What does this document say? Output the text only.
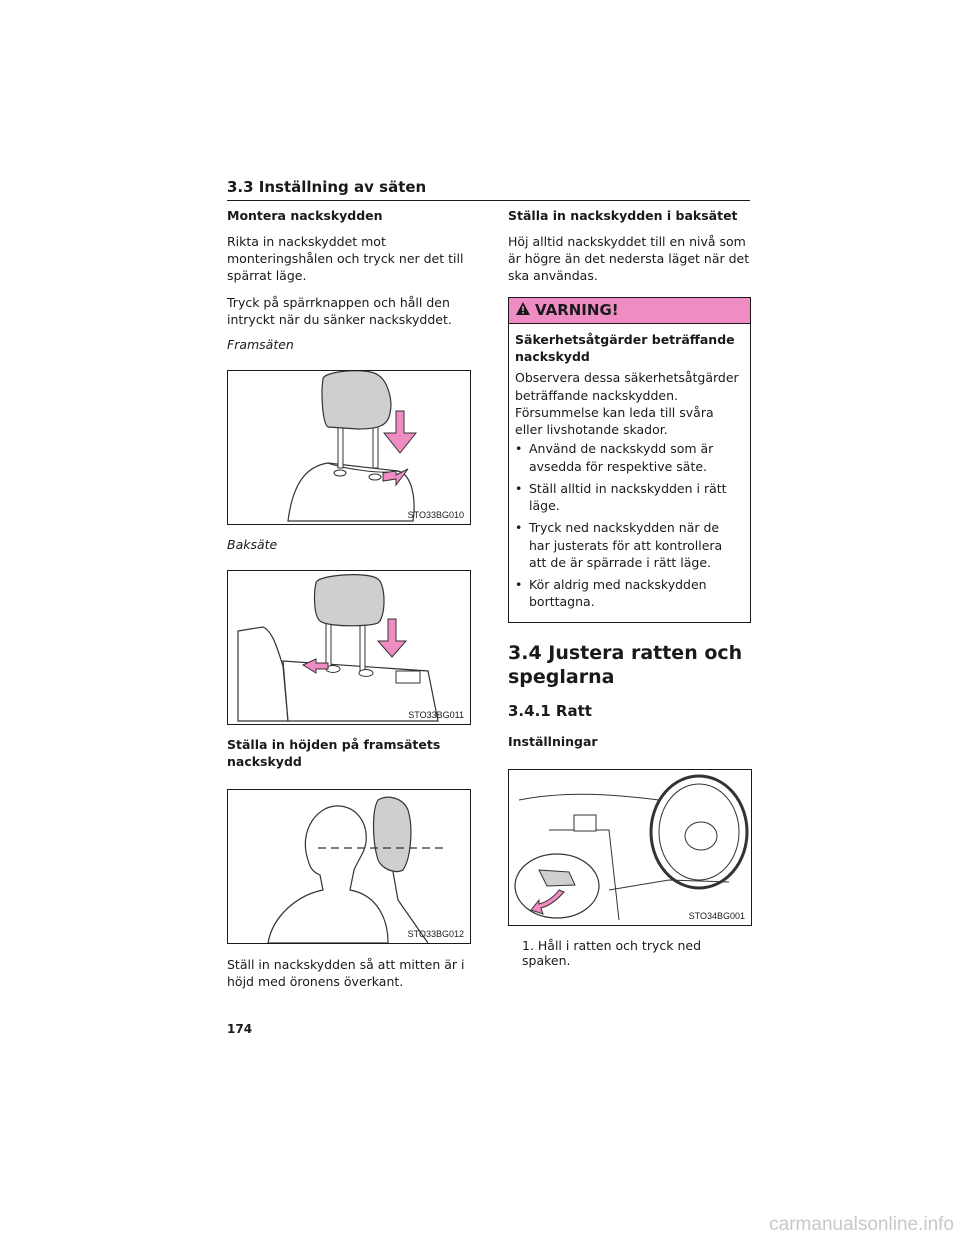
3.3 Inställning av säten
Montera nackskydden
Rikta in nackskyddet mot monteringshålen och tryck ner det till spärrat läge.
Tryck på spärrknappen och håll den intryckt när du sänker nackskyddet.
Framsäten
STO33BG010
Baksäte
STO33BG011
Ställa in höjden på framsätets nackskydd
STO33BG012
Ställ in nackskydden så att mitten är i höjd med öronens överkant.
Ställa in nackskydden i baksätet
Höj alltid nackskyddet till en nivå som är högre än det nedersta läget när det ska användas.
VARNING!
Säkerhetsåtgärder beträffande nackskydd
Observera dessa säkerhetsåtgärder beträffande nackskydden. Försummelse kan leda till svåra eller livshotande skador.
• Använd de nackskydd som är avsedda för respektive säte.
• Ställ alltid in nackskydden i rätt läge.
• Tryck ned nackskydden när de har justerats för att kontrollera att de är spärrade i rätt läge.
• Kör aldrig med nackskydden borttagna.
3.4 Justera ratten och speglarna
3.4.1 Ratt
Inställningar
STO34BG001
1. Håll i ratten och tryck ned spaken.
174
carmanualsonline.info
